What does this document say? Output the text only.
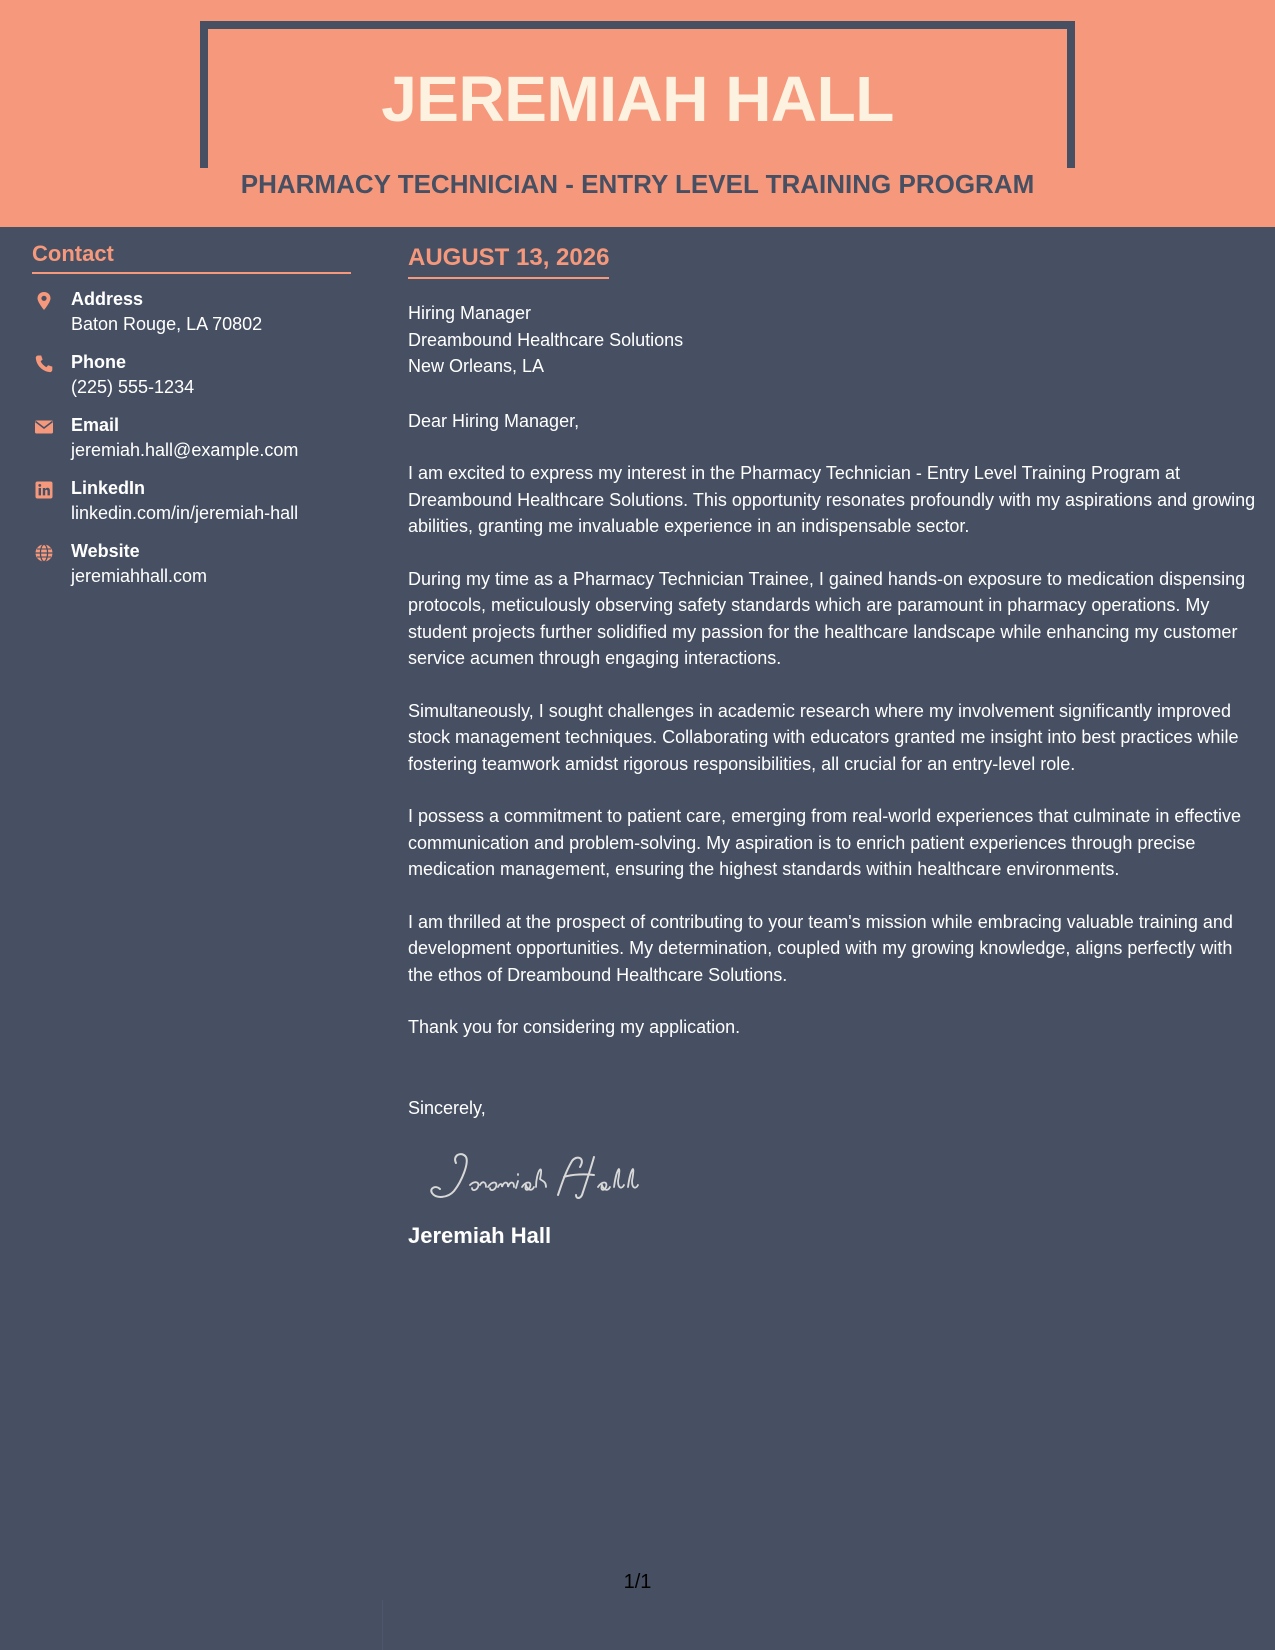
JEREMIAH HALL
PHARMACY TECHNICIAN - ENTRY LEVEL TRAINING PROGRAM
Contact
Address
Baton Rouge, LA 70802
Phone
(225) 555-1234
Email
jeremiah.hall@example.com
LinkedIn
linkedin.com/in/jeremiah-hall
Website
jeremiahhall.com
AUGUST 13, 2026

Hiring Manager

Dreambound Healthcare Solutions

New Orleans, LA

Dear Hiring Manager,

I am excited to express my interest in the Pharmacy Technician - Entry Level Training Program at Dreambound Healthcare Solutions. This opportunity resonates profoundly with my aspirations and growing abilities, granting me invaluable experience in an indispensable sector.

During my time as a Pharmacy Technician Trainee, I gained hands-on exposure to medication dispensing protocols, meticulously observing safety standards which are paramount in pharmacy operations. My student projects further solidified my passion for the healthcare landscape while enhancing my customer service acumen through engaging interactions.

Simultaneously, I sought challenges in academic research where my involvement significantly improved stock management techniques. Collaborating with educators granted me insight into best practices while fostering teamwork amidst rigorous responsibilities, all crucial for an entry-level role.

I possess a commitment to patient care, emerging from real-world experiences that culminate in effective communication and problem-solving. My aspiration is to enrich patient experiences through precise medication management, ensuring the highest standards within healthcare environments.

I am thrilled at the prospect of contributing to your team's mission while embracing valuable training and development opportunities. My determination, coupled with my growing knowledge, aligns perfectly with the ethos of Dreambound Healthcare Solutions.

Thank you for considering my application.

Sincerely,

Jeremiah Hall

1/1
